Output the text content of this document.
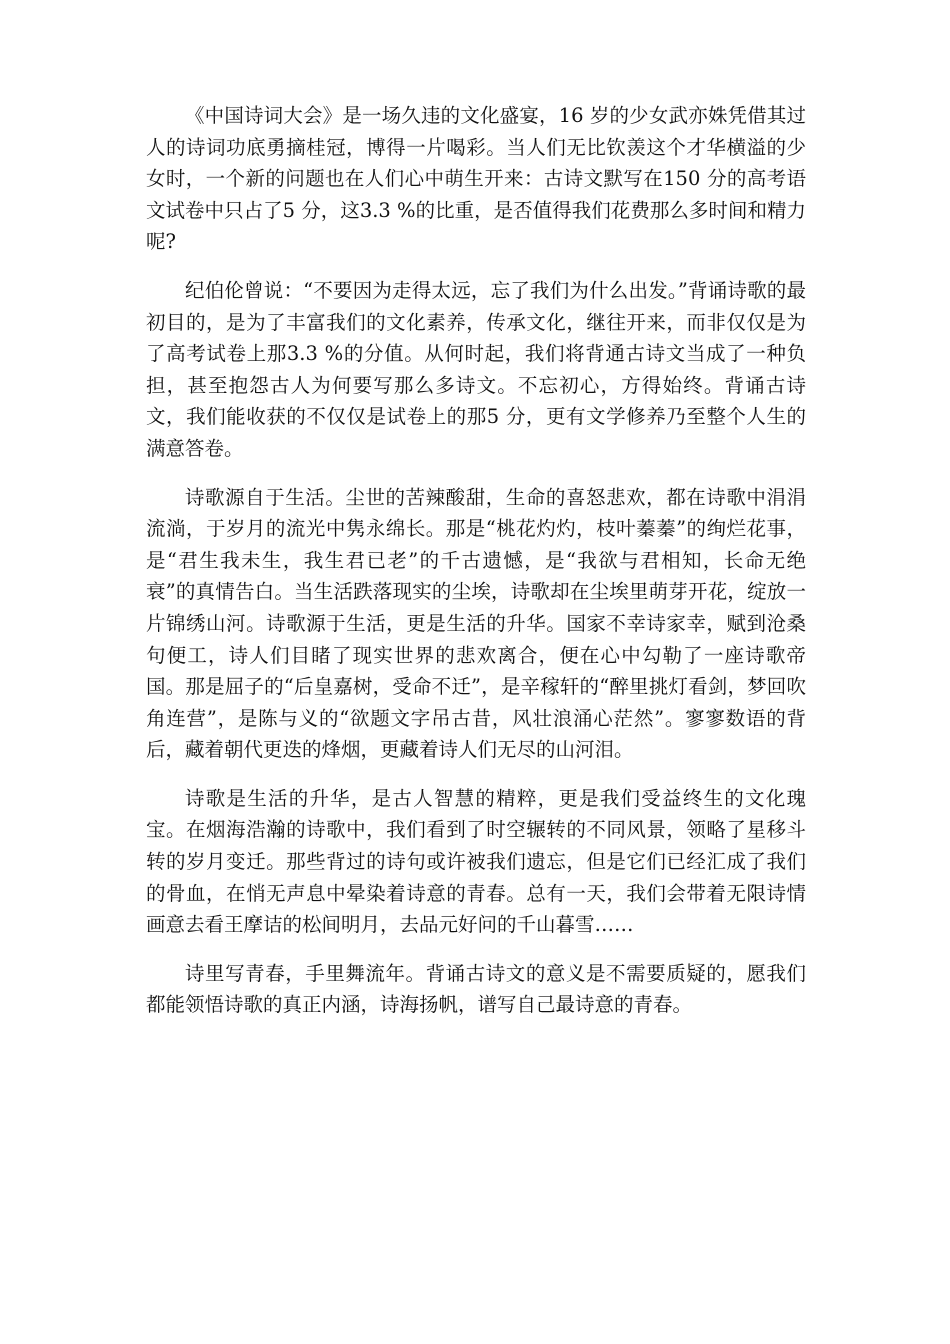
《中国诗词大会》是一场久违的文化盛宴，16 岁的少女武亦姝凭借其过人的诗词功底勇摘桂冠，博得一片喝彩。当人们无比钦羡这个才华横溢的少女时，一个新的问题也在人们心中萌生开来：古诗文默写在150 分的高考语文试卷中只占了5 分，这3.3 %的比重，是否值得我们花费那么多时间和精力呢?

纪伯伦曾说：“不要因为走得太远，忘了我们为什么出发。”背诵诗歌的最初目的，是为了丰富我们的文化素养，传承文化，继往开来，而非仅仅是为了高考试卷上那3.3 %的分值。从何时起，我们将背通古诗文当成了一种负担，甚至抱怨古人为何要写那么多诗文。不忘初心，方得始终。背诵古诗文，我们能收获的不仅仅是试卷上的那5 分，更有文学修养乃至整个人生的满意答卷。

诗歌源自于生活。尘世的苦辣酸甜，生命的喜怒悲欢，都在诗歌中涓涓流淌，于岁月的流光中隽永绵长。那是“桃花灼灼，枝叶蓁蓁”的绚烂花事，是“君生我未生，我生君已老”的千古遗憾，是“我欲与君相知，长命无绝衰”的真情告白。当生活跌落现实的尘埃，诗歌却在尘埃里萌芽开花，绽放一片锦绣山河。诗歌源于生活，更是生活的升华。国家不幸诗家幸，赋到沧桑句便工，诗人们目睹了现实世界的悲欢离合，便在心中勾勒了一座诗歌帝国。那是屈子的“后皇嘉树，受命不迁”，是辛稼轩的“醉里挑灯看剑，梦回吹角连营”，是陈与义的“欲题文字吊古昔，风壮浪涌心茫然”。寥寥数语的背后，藏着朝代更迭的烽烟，更藏着诗人们无尽的山河泪。

诗歌是生活的升华，是古人智慧的精粹，更是我们受益终生的文化瑰宝。在烟海浩瀚的诗歌中，我们看到了时空辗转的不同风景，领略了星移斗转的岁月变迁。那些背过的诗句或许被我们遗忘，但是它们已经汇成了我们的骨血，在悄无声息中晕染着诗意的青春。总有一天，我们会带着无限诗情画意去看王摩诘的松间明月，去品元好问的千山暮雪……

诗里写青春，手里舞流年。背诵古诗文的意义是不需要质疑的，愿我们都能领悟诗歌的真正内涵，诗海扬帆，谱写自己最诗意的青春。
